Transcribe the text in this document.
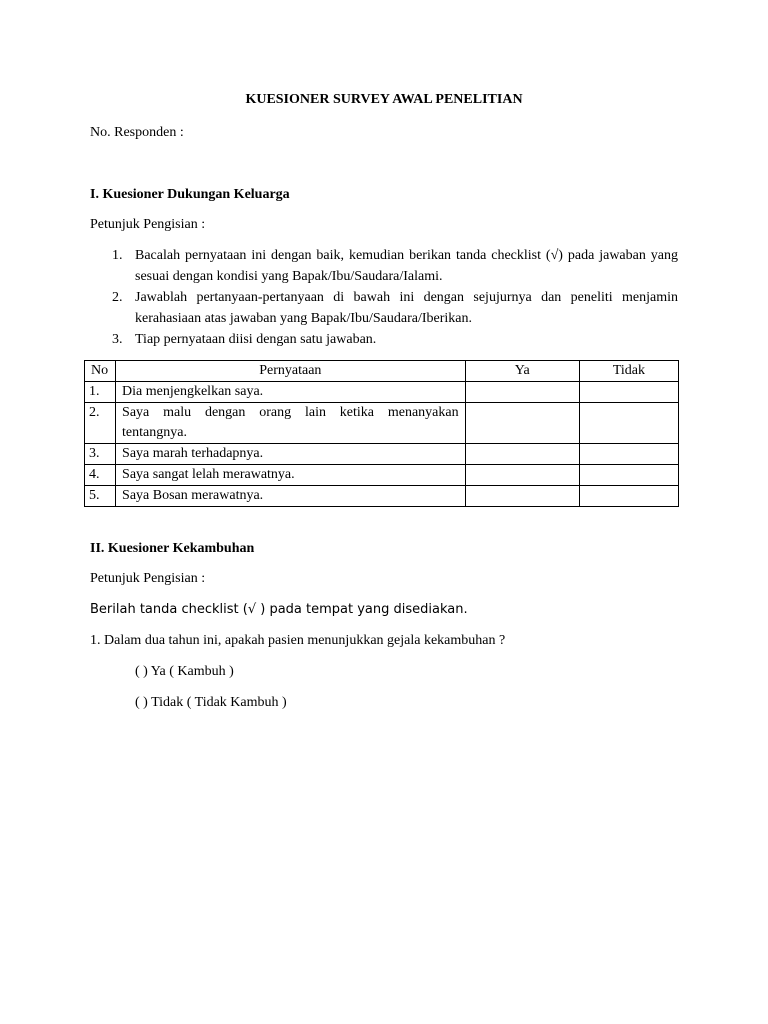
KUESIONER SURVEY AWAL PENELITIAN
No. Responden :
I. Kuesioner Dukungan Keluarga
Petunjuk Pengisian :
1. Bacalah pernyataan ini dengan baik, kemudian berikan tanda checklist (√) pada jawaban yang sesuai dengan kondisi yang Bapak/Ibu/Saudara/Ialami.
2. Jawablah pertanyaan-pertanyaan di bawah ini dengan sejujurnya dan peneliti menjamin kerahasiaan atas jawaban yang Bapak/Ibu/Saudara/Iberikan.
3. Tiap pernyataan diisi dengan satu jawaban.
No	Pernyataan	Ya	Tidak
1.	Dia menjengkelkan saya.		
2.	Saya malu dengan orang lain ketika menanyakan tentangnya.		
3.	Saya marah terhadapnya.		
4.	Saya sangat lelah merawatnya.		
5.	Saya Bosan merawatnya.		
II. Kuesioner Kekambuhan
Petunjuk Pengisian :
Berilah tanda checklist (√ ) pada tempat yang disediakan.
1. Dalam dua tahun ini, apakah pasien menunjukkan gejala kekambuhan ?
( ) Ya ( Kambuh )
( ) Tidak ( Tidak Kambuh )
